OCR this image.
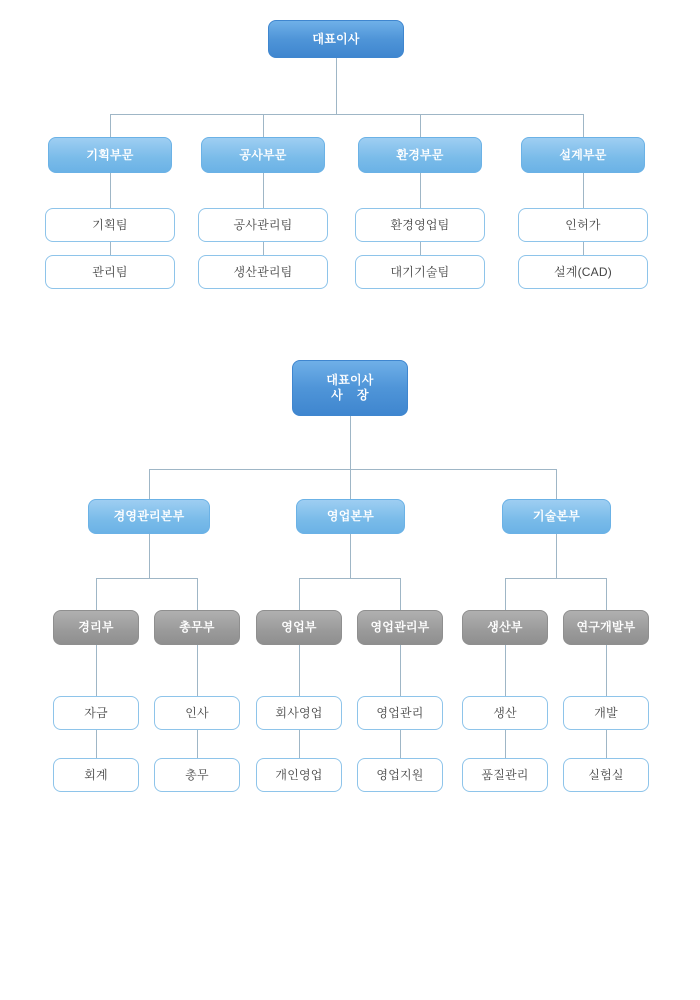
대표이사
기획부문	공사부문	환경부문	설계부문
기획팀	공사관리팀	환경영업팀	인허가
관리팀	생산관리팀	대기기술팀	설계(CAD)
대표이사
사    장
경영관리본부	영업본부	기술본부
경리부	총무부	영업부	영업관리부	생산부	연구개발부
자금	인사	회사영업	영업관리	생산	개발
회계	총무	개인영업	영업지원	품질관리	실험실
